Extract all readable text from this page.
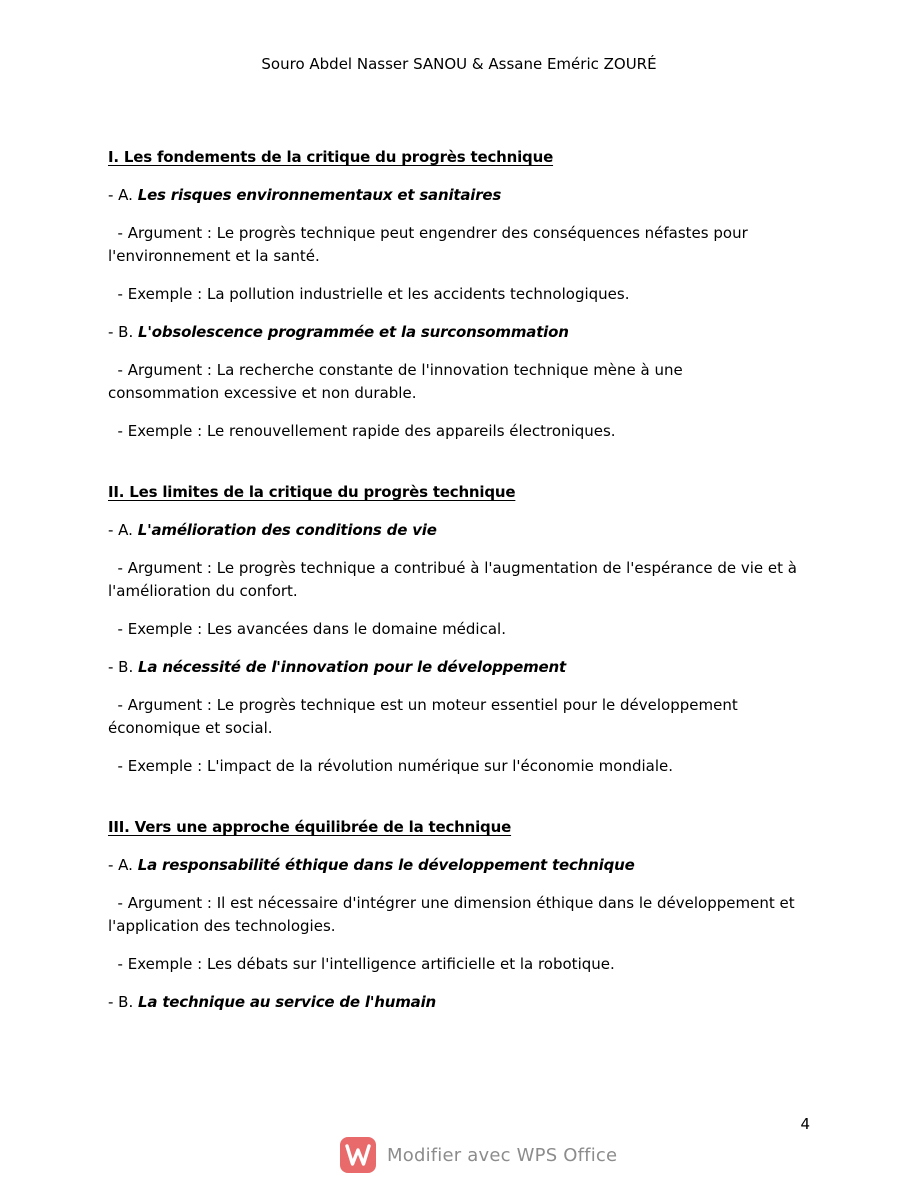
Souro Abdel Nasser SANOU & Assane Eméric ZOURÉ

I. Les fondements de la critique du progrès technique

- A. Les risques environnementaux et sanitaires

- Argument : Le progrès technique peut engendrer des conséquences néfastes pour l'environnement et la santé.

- Exemple : La pollution industrielle et les accidents technologiques.

- B. L'obsolescence programmée et la surconsommation

- Argument : La recherche constante de l'innovation technique mène à une consommation excessive et non durable.

- Exemple : Le renouvellement rapide des appareils électroniques.

II. Les limites de la critique du progrès technique

- A. L'amélioration des conditions de vie

- Argument : Le progrès technique a contribué à l'augmentation de l'espérance de vie et à l'amélioration du confort.

- Exemple : Les avancées dans le domaine médical.

- B. La nécessité de l'innovation pour le développement

- Argument : Le progrès technique est un moteur essentiel pour le développement économique et social.

- Exemple : L'impact de la révolution numérique sur l'économie mondiale.

III. Vers une approche équilibrée de la technique

- A. La responsabilité éthique dans le développement technique

- Argument : Il est nécessaire d'intégrer une dimension éthique dans le développement et l'application des technologies.

- Exemple : Les débats sur l'intelligence artificielle et la robotique.

- B. La technique au service de l'humain

4
Modifier avec WPS Office
